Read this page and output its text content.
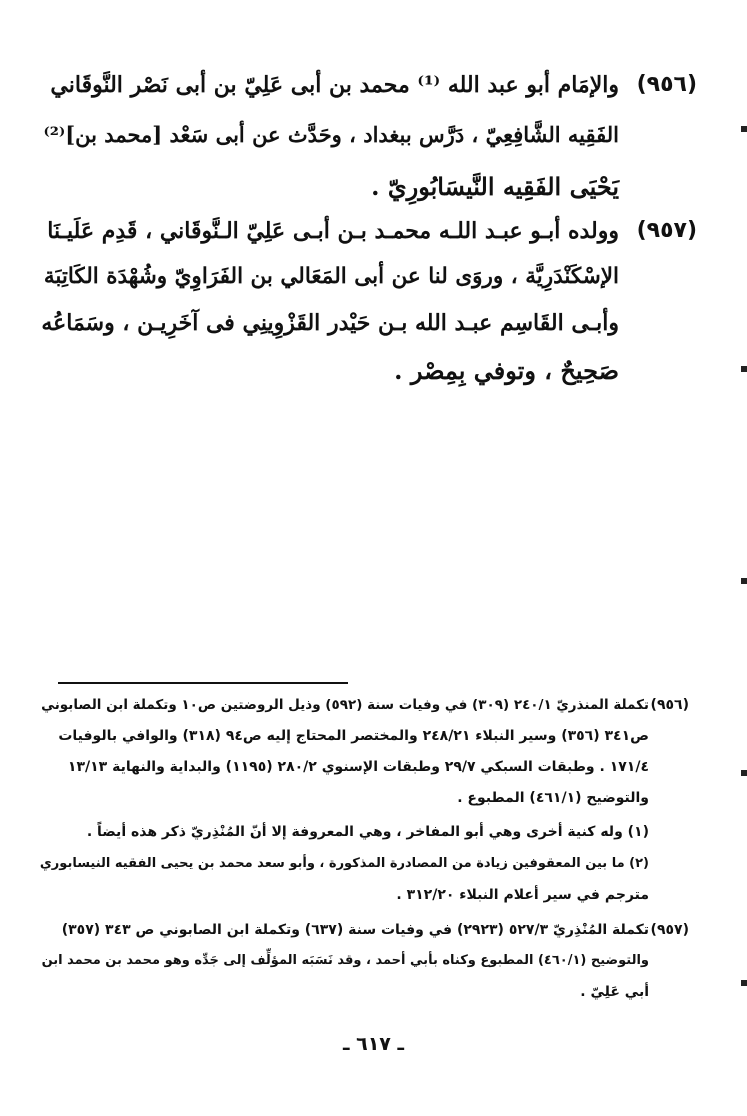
(٩٥٦)
والإمَام أبو عبد الله ⁽¹⁾ محمد بن أبى عَلِيّ بن أبى نَصْر النَّوقَاني
الفَقِيه الشَّافِعِيّ ، دَرَّس ببغداد ، وحَدَّث عن أبى سَعْد [محمد بن]⁽²⁾
يَحْيَى الفَقِيه النَّيسَابُورِيّ .
(٩٥٧)
وولده أبـو عبـد اللـه محمـد بـن أبـى عَلِيّ الـنَّوقَاني ، قَدِم عَلَيـنَا
الإسْكَنْدَرِيَّة ، وروَى لنا عن أبى المَعَالي بن الفَرَاوِيّ وشُهْدَة الكَاتِبَة
وأبـى القَاسِم عبـد الله بـن حَيْدر القَزْوِينِي فى آخَرِيـن ، وسَمَاعُه
صَحِيحٌ ، وتوفي بِمِصْر .
(٩٥٦)
تكملة المنذريّ ٢٤٠/١ (٣٠٩) في وفيات سنة (٥٩٢) وذيل الروضتين ص١٠ وتكملة ابن الصابوني
ص٣٤١ (٣٥٦) وسير النبلاء ٢٤٨/٢١ والمختصر المحتاج إليه ص٩٤ (٣١٨) والوافي بالوفيات
١٧١/٤ . وطبقات السبكي ٢٩/٧ وطبقات الإسنوي ٢٨٠/٢ (١١٩٥) والبداية والنهاية ١٣/١٣
والتوضيح (٤٦١/١) المطبوع .
(١) وله كنية أخرى وهي أبو المفاخر ، وهي المعروفة إلا أنّ المُنْذِريّ ذكر هذه أيضاً .
(٢) ما بين المعقوفين زيادة من المصادرة المذكورة ، وأبو سعد محمد بن يحيى الفقيه النيسابوري
مترجم في سير أعلام النبلاء ٣١٢/٢٠ .
(٩٥٧)
تكملة المُنْذِريّ ٥٢٧/٣ (٢٩٢٣) في وفيات سنة (٦٣٧) وتكملة ابن الصابوني ص ٣٤٣ (٣٥٧)
والتوضيح (٤٦٠/١) المطبوع وكناه بأبي أحمد ، وقد نَسَبَه المؤلِّف إلى جَدِّه وهو محمد بن محمد ابن
أبي عَلِيّ .
ـ ٦١٧ ـ
